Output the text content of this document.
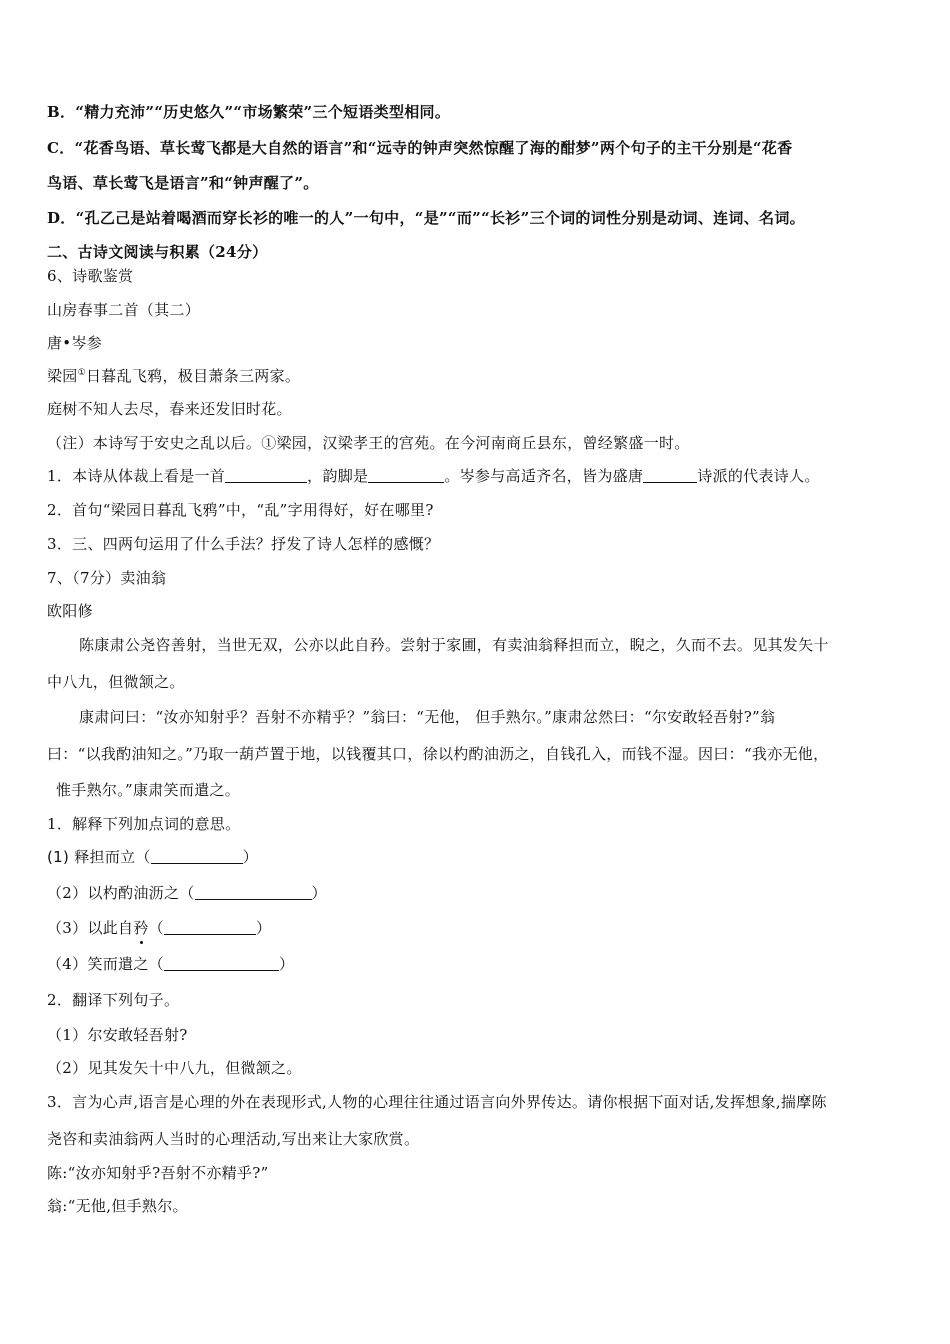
B．“精力充沛”“历史悠久”“市场繁荣”三个短语类型相同。
C．“花香鸟语、草长莺飞都是大自然的语言”和“远寺的钟声突然惊醒了海的酣梦”两个句子的主干分别是“花香
鸟语、草长莺飞是语言”和“钟声醒了”。
D．“孔乙己是站着喝酒而穿长衫的唯一的人”一句中，“是”“而”“长衫”三个词的词性分别是动词、连词、名词。
二、古诗文阅读与积累（24分）
6、诗歌鉴赏
山房春事二首（其二）
唐•岑参
梁园①日暮乱飞鸦，极目萧条三两家。
庭树不知人去尽，春来还发旧时花。
（注）本诗写于安史之乱以后。①梁园，汉梁孝王的宫苑。在今河南商丘县东，曾经繁盛一时。
1．本诗从体裁上看是一首	，韵脚是	。岑参与高适齐名，皆为盛唐	诗派的代表诗人。
2．首句“梁园日暮乱飞鸦”中，“乱”字用得好，好在哪里?
3．三、四两句运用了什么手法？抒发了诗人怎样的感慨？
7、（7分）卖油翁
欧阳修
陈康肃公尧咨善射，当世无双，公亦以此自矜。尝射于家圃，有卖油翁释担而立，睨之，久而不去。见其发矢十
中八九，但微颔之。
康肃问曰：“汝亦知射乎？吾射不亦精乎？”翁曰：“无他， 但手熟尔。”康肃忿然曰：“尔安敢轻吾射?”翁
曰：“以我酌油知之。”乃取一葫芦置于地，以钱覆其口，徐以杓酌油沥之，自钱孔入，而钱不湿。因曰：“我亦无他，
惟手熟尔。”康肃笑而遣之。
1．解释下列加点词的意思。
(1) 释担而立（	）
（2）以杓酌油沥之（	）
（3）以此自矜（	）
（4）笑而遣之（	）
2．翻译下列句子。
（1）尔安敢轻吾射?
（2）见其发矢十中八九，但微颔之。
3．言为心声,语言是心理的外在表现形式,人物的心理往往通过语言向外界传达。请你根据下面对话,发挥想象,揣摩陈
尧咨和卖油翁两人当时的心理活动,写出来让大家欣赏。
陈:“汝亦知射乎?吾射不亦精乎?”
翁:“无他,但手熟尔。
